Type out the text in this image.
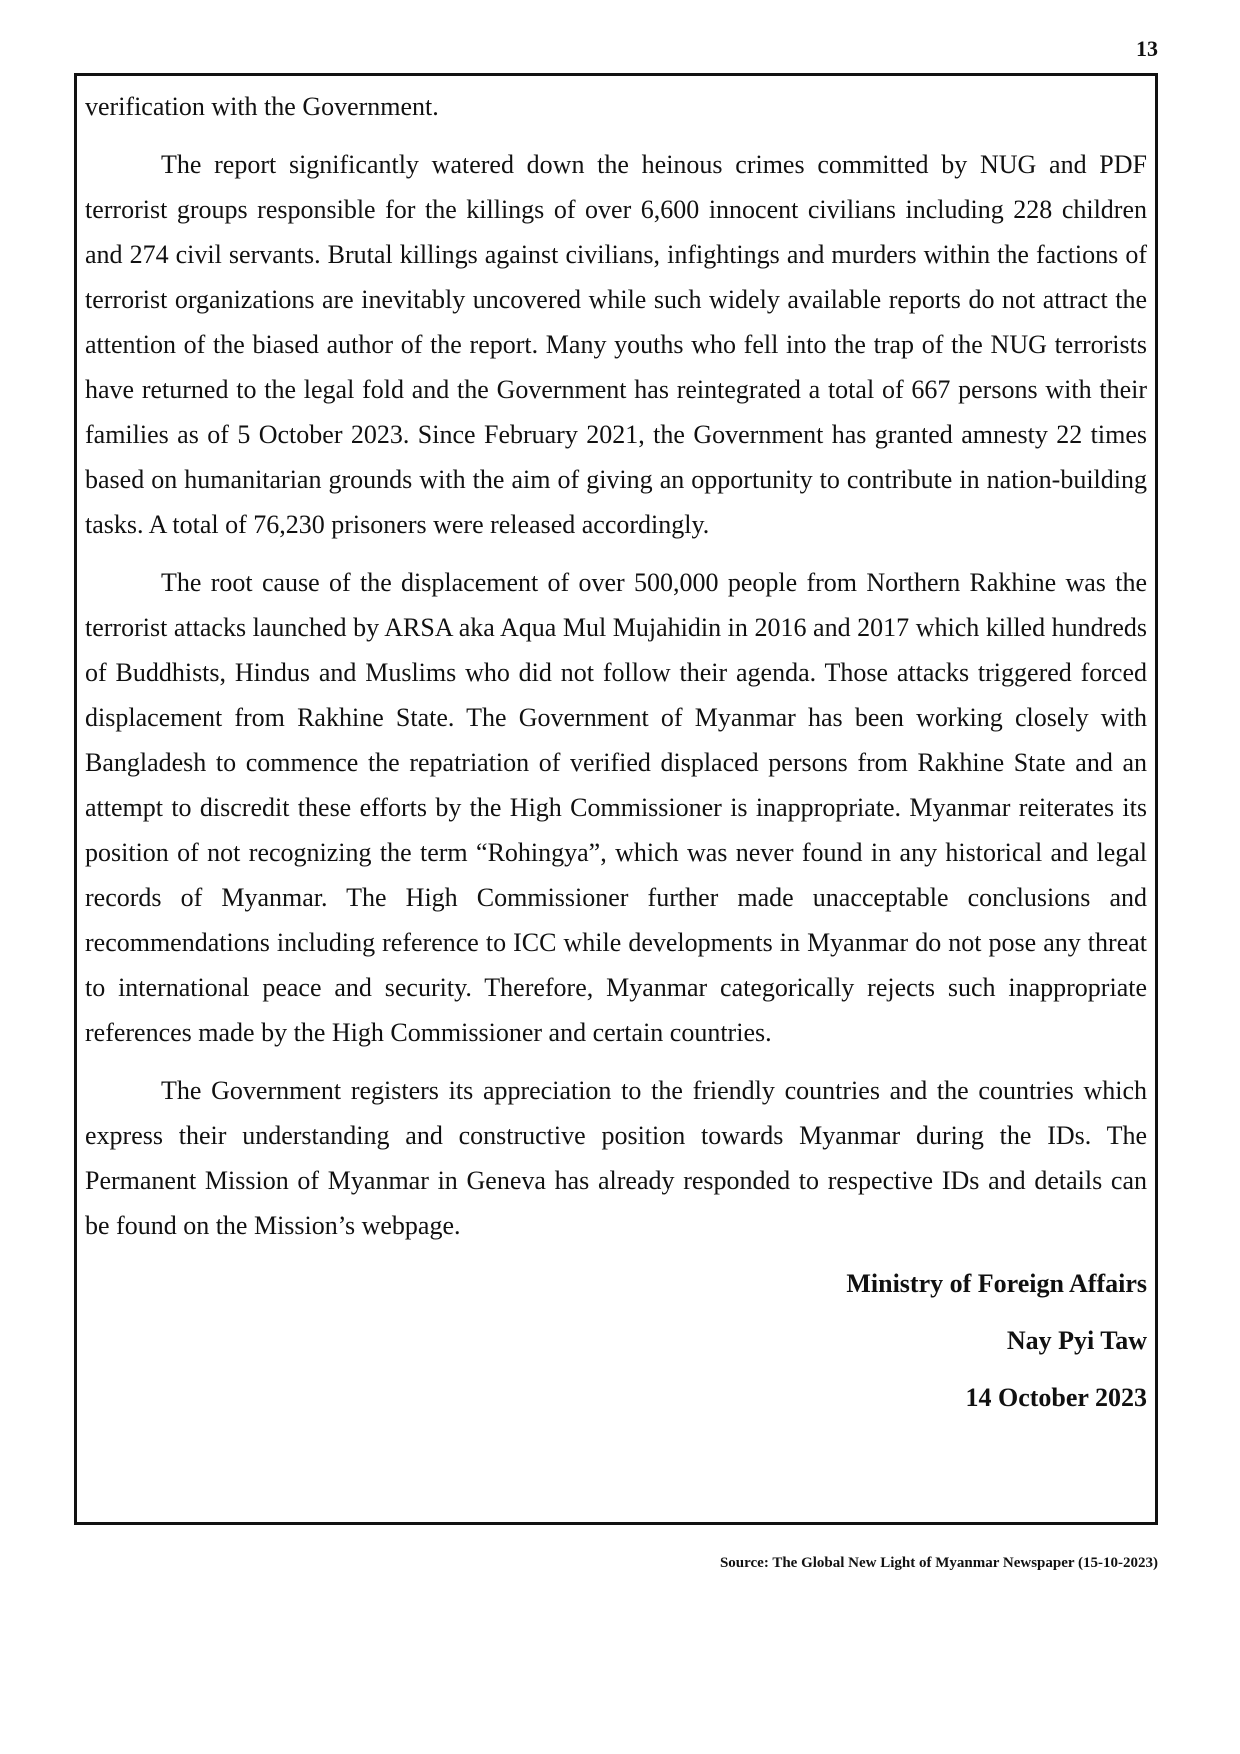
13

verification with the Government.

The report significantly watered down the heinous crimes committed by NUG and PDF terrorist groups responsible for the killings of over 6,600 innocent civilians including 228 children and 274 civil servants. Brutal killings against civilians, infightings and murders within the factions of terrorist organizations are inevitably uncovered while such widely available reports do not attract the attention of the biased author of the report. Many youths who fell into the trap of the NUG terrorists have returned to the legal fold and the Government has reintegrated a total of 667 persons with their families as of 5 October 2023. Since February 2021, the Government has granted amnesty 22 times based on humanitarian grounds with the aim of giving an opportunity to contribute in nation-building tasks. A total of 76,230 prisoners were released accordingly.

The root cause of the displacement of over 500,000 people from Northern Rakhine was the terrorist attacks launched by ARSA aka Aqua Mul Mujahidin in 2016 and 2017 which killed hundreds of Buddhists, Hindus and Muslims who did not follow their agenda. Those attacks triggered forced displacement from Rakhine State. The Government of Myanmar has been working closely with Bangladesh to commence the repatriation of verified displaced persons from Rakhine State and an attempt to discredit these efforts by the High Commissioner is inappropriate. Myanmar reiterates its position of not recognizing the term “Rohingya”, which was never found in any historical and legal records of Myanmar. The High Commissioner further made unacceptable conclusions and recommendations including reference to ICC while developments in Myanmar do not pose any threat to international peace and security. Therefore, Myanmar categorically rejects such inappropriate references made by the High Commissioner and certain countries.

The Government registers its appreciation to the friendly countries and the countries which express their understanding and constructive position towards Myanmar during the IDs. The Permanent Mission of Myanmar in Geneva has already responded to respective IDs and details can be found on the Mission’s webpage.

Ministry of Foreign Affairs
Nay Pyi Taw
14 October 2023
Source: The Global New Light of Myanmar Newspaper (15-10-2023)
